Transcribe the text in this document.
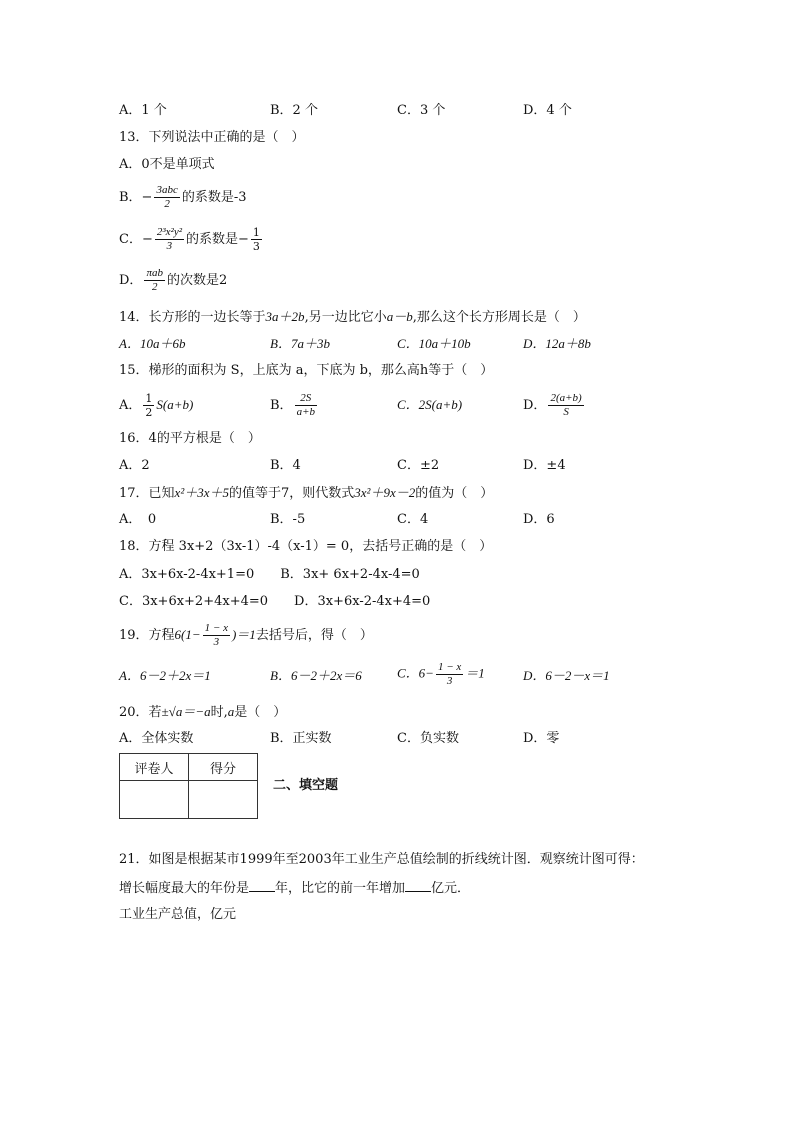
A．1 个	B．2 个	C．3 个	D．4 个
13．下列说法中正确的是（　）
A．0不是单项式
B．− $\frac{\text{3abc}}{2}$ 的系数是-3
C．− $\frac{\text{2³x²y²}}{3}$ 的系数是− $\frac{1}{3}$
D． $\frac{\text{πab}}{2}$ 的次数是2
14．长方形的一边长等于3a＋2b,另一边比它小a－b,那么这个长方形周长是（　）
A．10a＋6b	B．7a＋3b	C．10a＋10b	D．12a＋8b
15．梯形的面积为 S，上底为 a，下底为 b，那么高h等于（　）
A． $\frac{1}{2} S(a+b)$	B． $\frac{2S}{a+b}$	C．2S(a+b)	D． $\frac{2(a+b)}{S}$
16．4的平方根是（　）
A．2	B．4	C．±2	D．±4
17．已知x²＋3x＋5的值等于7，则代数式3x²＋9x－2的值为（　）
A．　0	B．-5	C．4	D．6
18．方程 3x+2（3x-1）-4（x-1）= 0，去括号正确的是（　）
A．3x+6x-2-4x+1=0　　B．3x+ 6x+2-4x-4=0
C．3x+6x+2+4x+4=0　　D．3x+6x-2-4x+4=0
19．方程$6(1- \frac{1 - x}{3} )=1$去括号后，得（　）
A．6－2＋2x＝1	B．6－2＋2x＝6	C．$6- \frac{1 - x}{3} =1$	D．6－2－x＝1
20．若±√a＝−a时,a是（　）
A．全体实数	B．正实数	C．负实数	D．零
评卷人	得分

二、填空题
21．如图是根据某市1999年至2003年工业生产总值绘制的折线统计图．观察统计图可得：
增长幅度最大的年份是 年，比它的前一年增加 亿元．
工业生产总值，亿元
